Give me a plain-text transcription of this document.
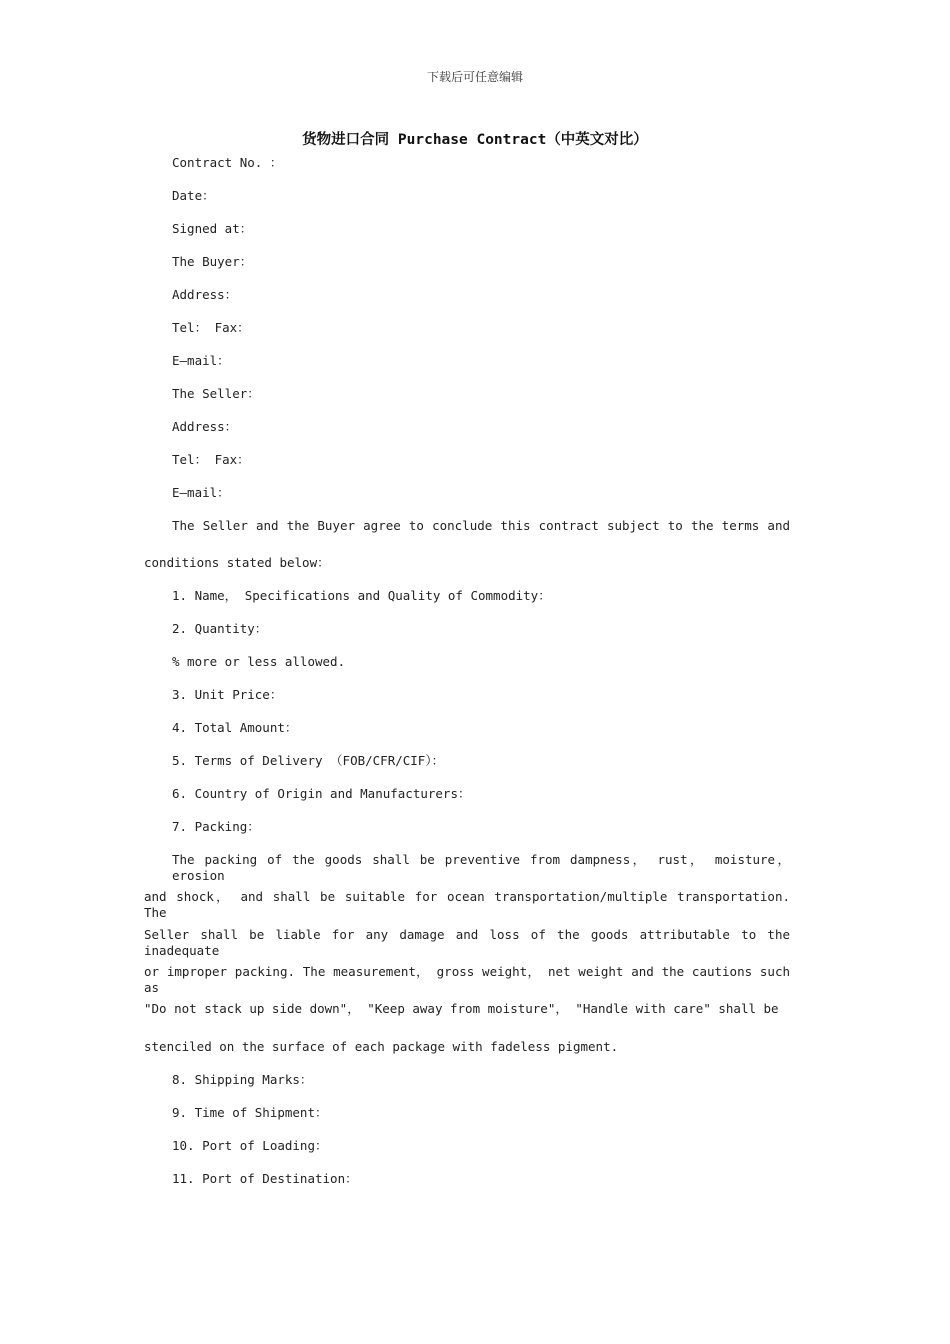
下载后可任意编辑
货物进口合同 Purchase Contract（中英文对比）
Contract No. ：
Date：
Signed at：
The Buyer：
Address：
Tel： Fax：
E—mail：
The Seller：
Address：
Tel： Fax：
E—mail：
The Seller and the Buyer agree to conclude this contract subject to the terms and
conditions stated below：
1. Name， Specifications and Quality of Commodity：
2. Quantity：
% more or less allowed.
3. Unit Price：
4. Total Amount：
5. Terms of Delivery （FOB/CFR/CIF）：
6. Country of Origin and Manufacturers：
7. Packing：
The packing of the goods shall be preventive from dampness， rust， moisture， erosion
and shock， and shall be suitable for ocean transportation/multiple transportation. The
Seller shall be liable for any damage and loss of the goods attributable to the inadequate
or improper packing. The measurement， gross weight， net weight and the cautions such as
"Do not stack up side down"， "Keep away from moisture"， "Handle with care" shall be
stenciled on the surface of each package with fadeless pigment.
8. Shipping Marks：
9. Time of Shipment：
10. Port of Loading：
11. Port of Destination：
